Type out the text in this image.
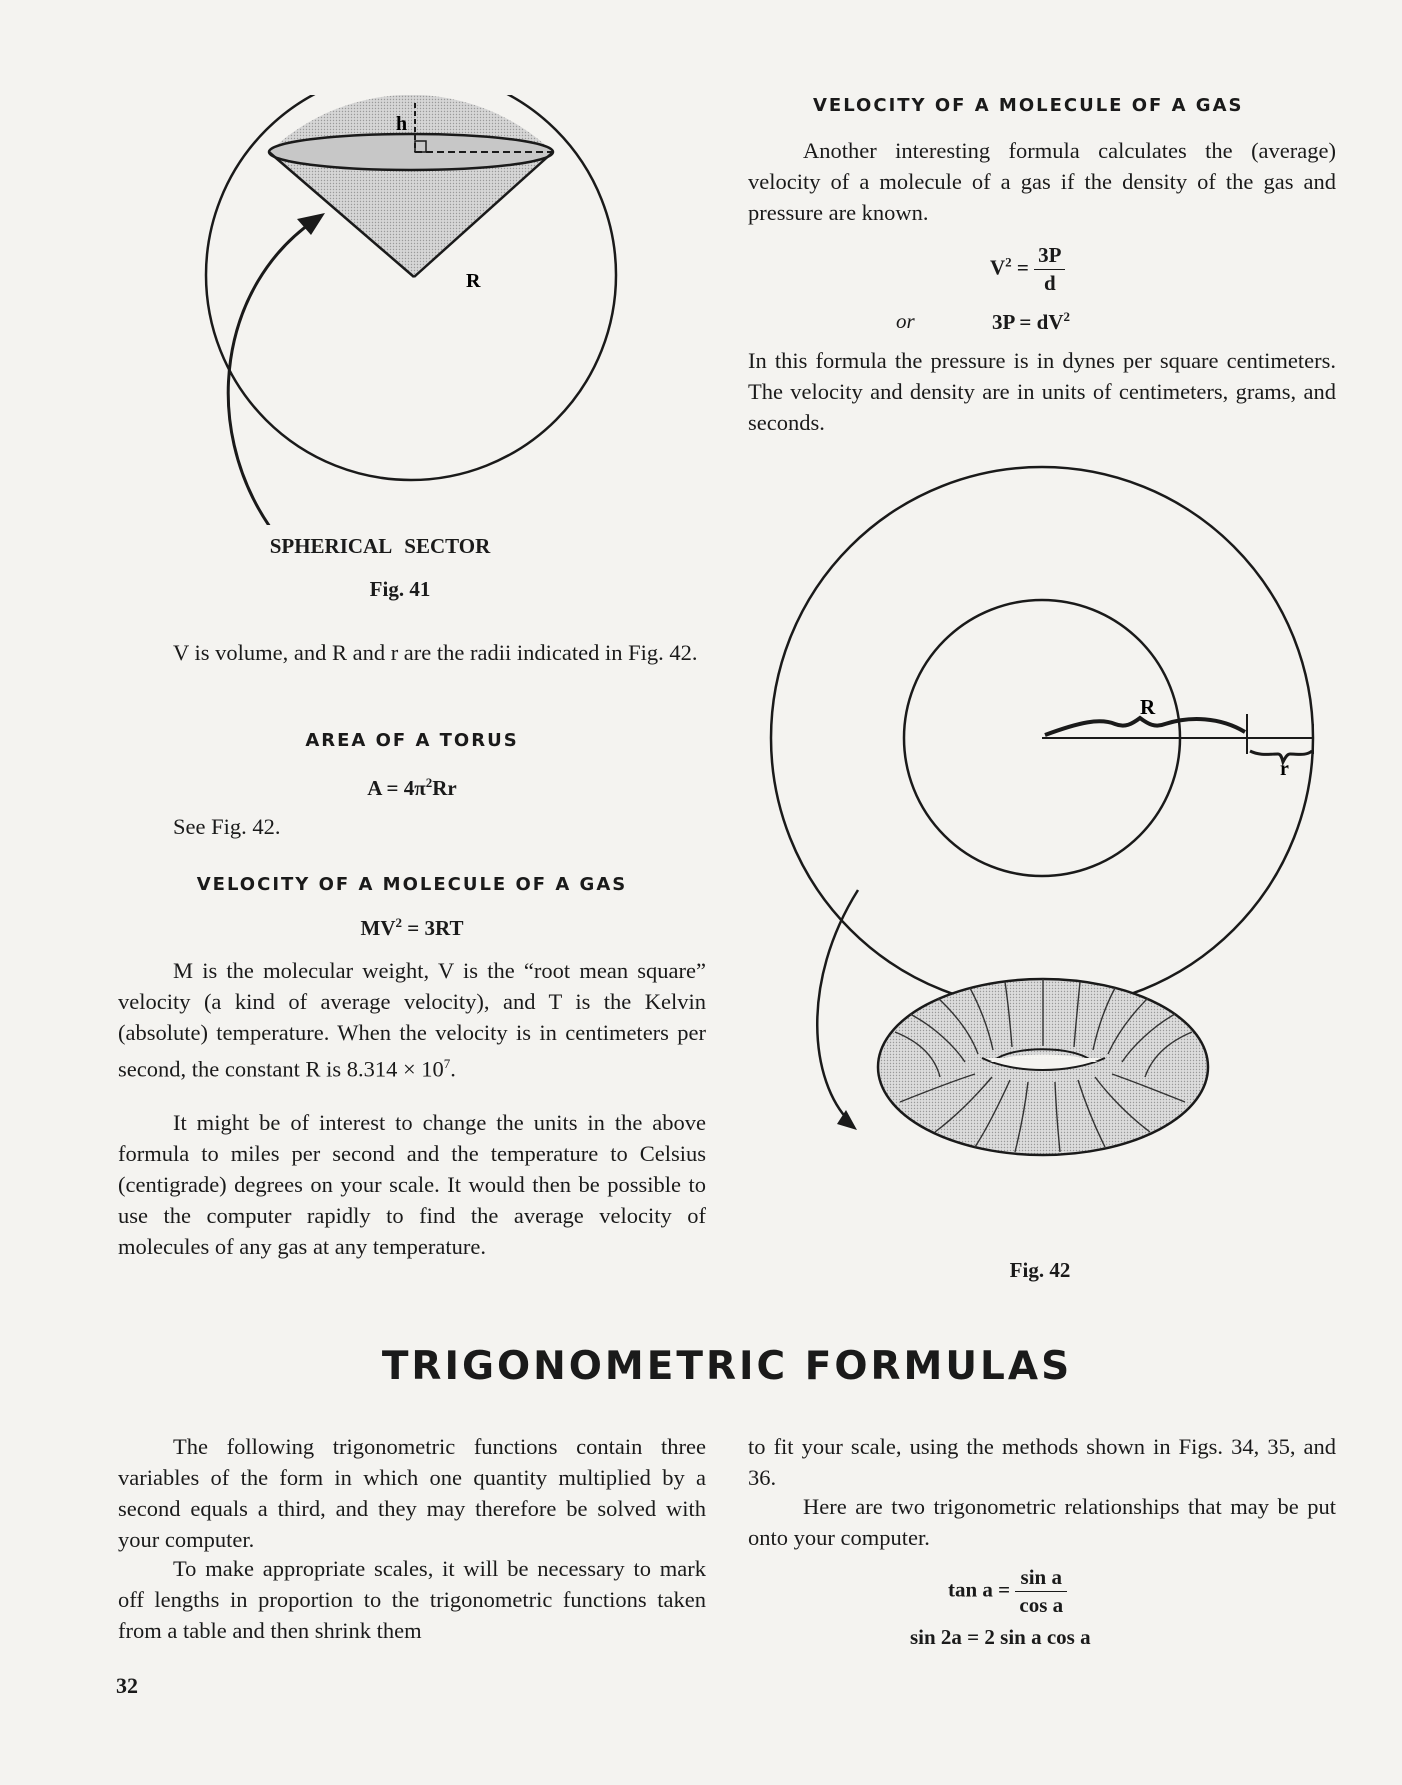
h
R
SPHERICAL SECTOR
Fig. 41

V is volume, and R and r are the radii indicated in Fig. 42.

AREA OF A TORUS
$A = 4\pi^2Rr$

See Fig. 42.

VELOCITY OF A MOLECULE OF A GAS
$MV^2 = 3RT$

M is the molecular weight, V is the “root mean square” velocity (a kind of average velocity), and T is the Kelvin (absolute) temperature. When the velocity is in centimeters per second, the constant R is $8.314 \times 10^7$.

It might be of interest to change the units in the above formula to miles per second and the temperature to Celsius (centigrade) degrees on your scale. It would then be possible to use the computer rapidly to find the average velocity of molecules of any gas at any temperature.

VELOCITY OF A MOLECULE OF A GAS

Another interesting formula calculates the (average) velocity of a molecule of a gas if the density of the gas and pressure are known.

$V^2 = \frac{3P}{d}$
or	$3P = dV^2$

In this formula the pressure is in dynes per square centimeters. The velocity and density are in units of centimeters, grams, and seconds.

R
r
Fig. 42
TRIGONOMETRIC FORMULAS

The following trigonometric functions contain three variables of the form in which one quantity multiplied by a second equals a third, and they may therefore be solved with your computer.

To make appropriate scales, it will be necessary to mark off lengths in proportion to the trigonometric functions taken from a table and then shrink them

to fit your scale, using the methods shown in Figs. 34, 35, and 36.

Here are two trigonometric relationships that may be put onto your computer.

$\tan a = \frac{\text{sin a}}{\text{cos a}}$
sin 2a = 2 sin a cos a
32
